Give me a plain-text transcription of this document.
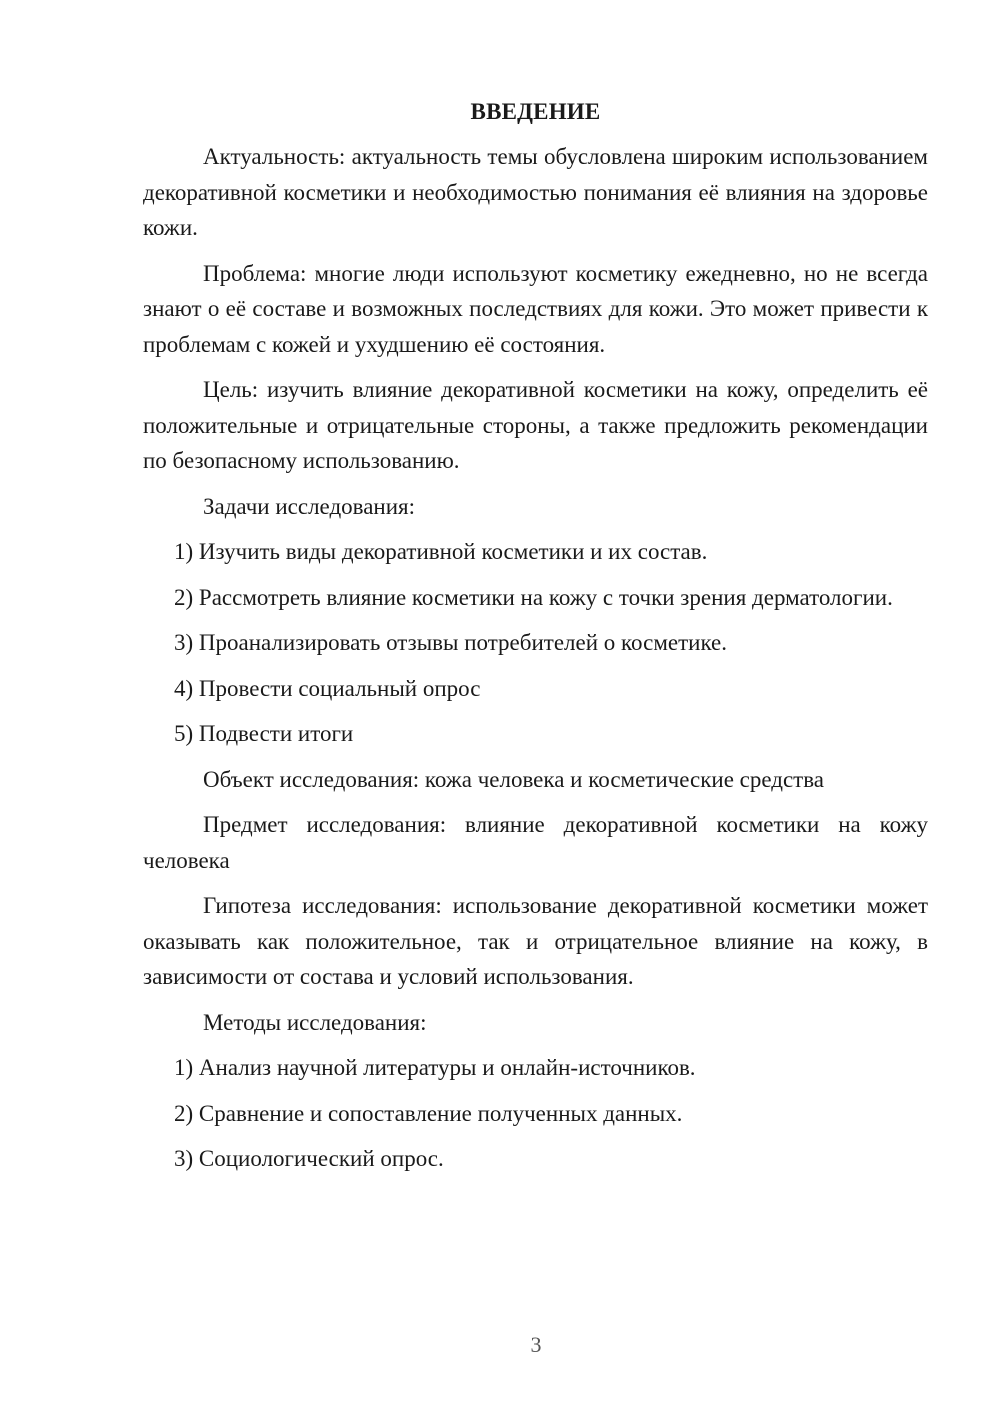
ВВЕДЕНИЕ

Актуальность: актуальность темы обусловлена широким использованием декоративной косметики и необходимостью понимания её влияния на здоровье кожи.

Проблема: многие люди используют косметику ежедневно, но не всегда знают о её составе и возможных последствиях для кожи. Это может привести к проблемам с кожей и ухудшению её состояния.

Цель: изучить влияние декоративной косметики на кожу, определить её положительные и отрицательные стороны, а также предложить рекомендации по безопасному использованию.

Задачи исследования:

1) Изучить виды декоративной косметики и их состав.

2) Рассмотреть влияние косметики на кожу с точки зрения дерматологии.

3) Проанализировать отзывы потребителей о косметике.

4) Провести социальный опрос

5) Подвести итоги

Объект исследования: кожа человека и косметические средства

Предмет исследования: влияние декоративной косметики на кожу человека

Гипотеза исследования: использование декоративной косметики может оказывать как положительное, так и отрицательное влияние на кожу, в зависимости от состава и условий использования.

Методы исследования:

1) Анализ научной литературы и онлайн-источников.

2) Сравнение и сопоставление полученных данных.

3) Социологический опрос.

3
